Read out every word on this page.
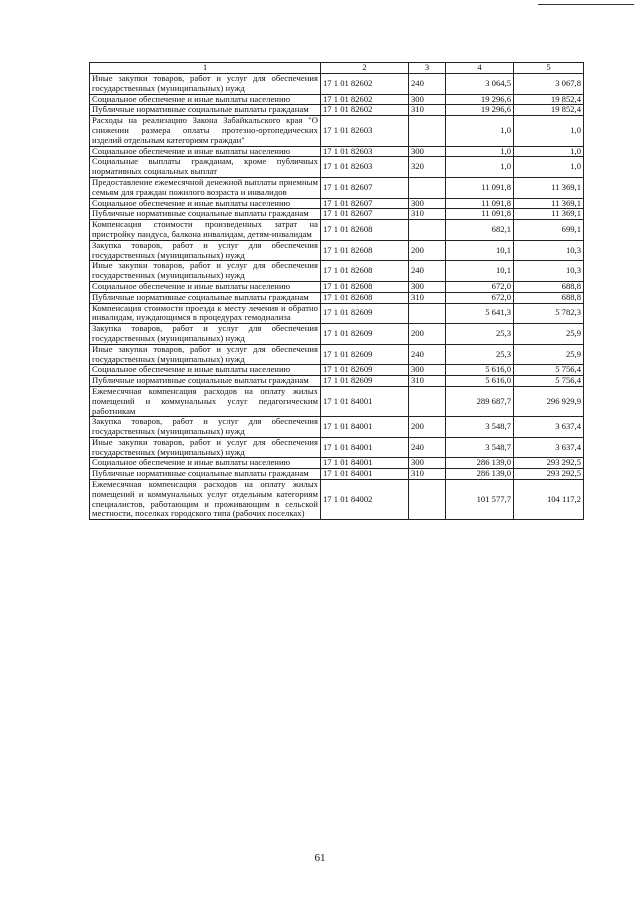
1	2	3	4	5
Иные закупки товаров, работ и услуг для обеспечения государственных (муниципальных) нужд	17 1 01 82602	240	3 064,5	3 067,8
Социальное обеспечение и иные выплаты населению	17 1 01 82602	300	19 296,6	19 852,4
Публичные нормативные социальные выплаты гражданам	17 1 01 82602	310	19 296,6	19 852,4
Расходы на реализацию Закона Забайкальского края "О снижении размера оплаты протезно-ортопедических изделий отдельным категориям граждан"	17 1 01 82603		1,0	1,0
Социальное обеспечение и иные выплаты населению	17 1 01 82603	300	1,0	1,0
Социальные выплаты гражданам, кроме публичных нормативных социальных выплат	17 1 01 82603	320	1,0	1,0
Предоставление ежемесячной денежной выплаты приемным семьям для граждан пожилого возраста и инвалидов	17 1 01 82607		11 091,8	11 369,1
Социальное обеспечение и иные выплаты населению	17 1 01 82607	300	11 091,8	11 369,1
Публичные нормативные социальные выплаты гражданам	17 1 01 82607	310	11 091,8	11 369,1
Компенсация стоимости произведенных затрат на пристройку пандуса, балкона инвалидам, детям-инвалидам	17 1 01 82608		682,1	699,1
Закупка товаров, работ и услуг для обеспечения государственных (муниципальных) нужд	17 1 01 82608	200	10,1	10,3
Иные закупки товаров, работ и услуг для обеспечения государственных (муниципальных) нужд	17 1 01 82608	240	10,1	10,3
Социальное обеспечение и иные выплаты населению	17 1 01 82608	300	672,0	688,8
Публичные нормативные социальные выплаты гражданам	17 1 01 82608	310	672,0	688,8
Компенсация стоимости проезда к месту лечения и обратно инвалидам, нуждающимся в процедурах гемодиализа	17 1 01 82609		5 641,3	5 782,3
Закупка товаров, работ и услуг для обеспечения государственных (муниципальных) нужд	17 1 01 82609	200	25,3	25,9
Иные закупки товаров, работ и услуг для обеспечения государственных (муниципальных) нужд	17 1 01 82609	240	25,3	25,9
Социальное обеспечение и иные выплаты населению	17 1 01 82609	300	5 616,0	5 756,4
Публичные нормативные социальные выплаты гражданам	17 1 01 82609	310	5 616,0	5 756,4
Ежемесячная компенсация расходов на оплату жилых помещений и коммунальных услуг педагогическим работникам	17 1 01 84001		289 687,7	296 929,9
Закупка товаров, работ и услуг для обеспечения государственных (муниципальных) нужд	17 1 01 84001	200	3 548,7	3 637,4
Иные закупки товаров, работ и услуг для обеспечения государственных (муниципальных) нужд	17 1 01 84001	240	3 548,7	3 637,4
Социальное обеспечение и иные выплаты населению	17 1 01 84001	300	286 139,0	293 292,5
Публичные нормативные социальные выплаты гражданам	17 1 01 84001	310	286 139,0	293 292,5
Ежемесячная компенсация расходов на оплату жилых помещений и коммунальных услуг отдельным категориям специалистов, работающим и проживающим в сельской местности, поселках городского типа (рабочих поселках)	17 1 01 84002		101 577,7	104 117,2
61
